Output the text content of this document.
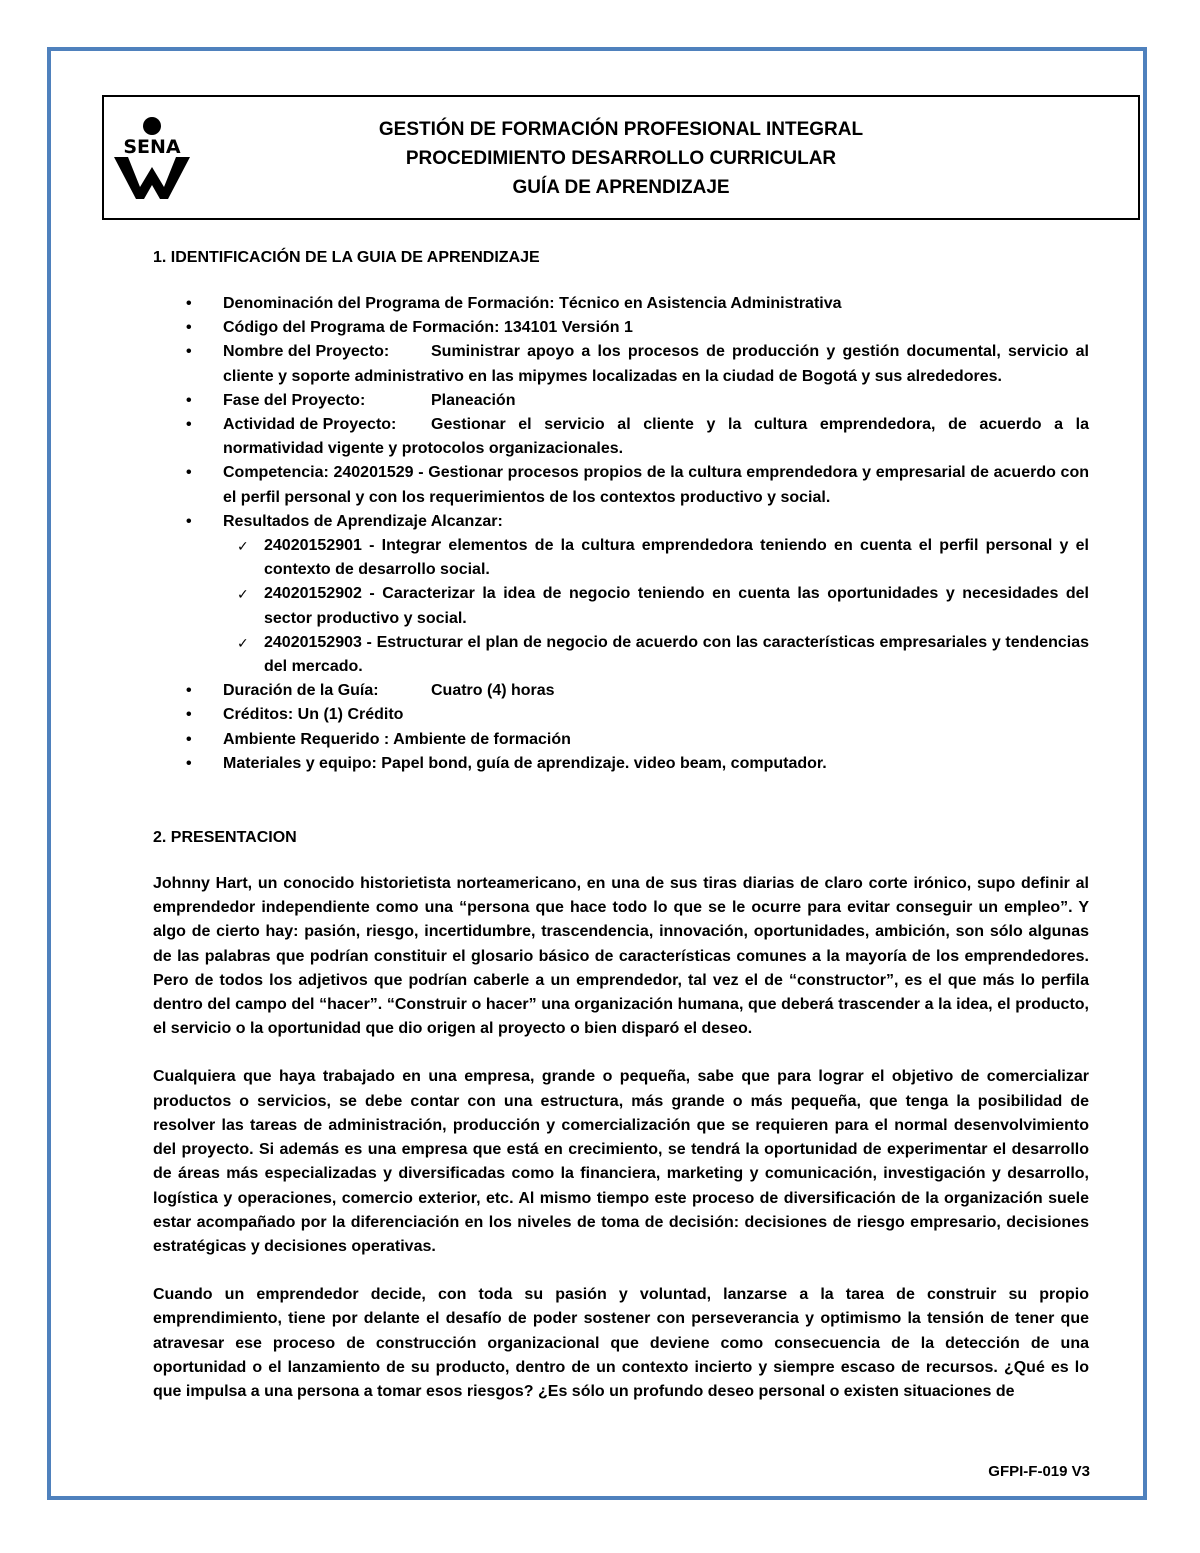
SENA
GESTIÓN DE FORMACIÓN PROFESIONAL INTEGRAL
PROCEDIMIENTO DESARROLLO CURRICULAR
GUÍA DE APRENDIZAJE
1. IDENTIFICACIÓN DE LA GUIA DE APRENDIZAJE
• Denominación del Programa de Formación: Técnico en Asistencia Administrativa
• Código del Programa de Formación: 134101 Versión 1
• Nombre del Proyecto:	Suministrar apoyo a los procesos de producción y gestión documental, servicio al cliente y soporte administrativo en las mipymes localizadas en la ciudad de Bogotá y sus alrededores.
• Fase del Proyecto:	Planeación
• Actividad de Proyecto: Gestionar el servicio al cliente y la cultura emprendedora, de acuerdo a la normatividad vigente y protocolos organizacionales.
• Competencia: 240201529 - Gestionar procesos propios de la cultura emprendedora y empresarial de acuerdo con el perfil personal y con los requerimientos de los contextos productivo y social.
• Resultados de Aprendizaje Alcanzar:
✓ 24020152901 - Integrar elementos de la cultura emprendedora teniendo en cuenta el perfil personal y el contexto de desarrollo social.
✓ 24020152902 - Caracterizar la idea de negocio teniendo en cuenta las oportunidades y necesidades del sector productivo y social.
✓ 24020152903 - Estructurar el plan de negocio de acuerdo con las características empresariales y tendencias del mercado.
• Duración de la Guía:	Cuatro (4) horas
• Créditos: Un (1) Crédito
• Ambiente Requerido : Ambiente de formación
• Materiales y equipo: Papel bond, guía de aprendizaje. video beam, computador.
2. PRESENTACION

Johnny Hart, un conocido historietista norteamericano, en una de sus tiras diarias de claro corte irónico, supo definir al emprendedor independiente como una “persona que hace todo lo que se le ocurre para evitar conseguir un empleo”. Y algo de cierto hay: pasión, riesgo, incertidumbre, trascendencia, innovación, oportunidades, ambición, son sólo algunas de las palabras que podrían constituir el glosario básico de características comunes a la mayoría de los emprendedores. Pero de todos los adjetivos que podrían caberle a un emprendedor, tal vez el de “constructor”, es el que más lo perfila dentro del campo del “hacer”. “Construir o hacer” una organización humana, que deberá trascender a la idea, el producto, el servicio o la oportunidad que dio origen al proyecto o bien disparó el deseo.

Cualquiera que haya trabajado en una empresa, grande o pequeña, sabe que para lograr el objetivo de comercializar productos o servicios, se debe contar con una estructura, más grande o más pequeña, que tenga la posibilidad de resolver las tareas de administración, producción y comercialización que se requieren para el normal desenvolvimiento del proyecto. Si además es una empresa que está en crecimiento, se tendrá la oportunidad de experimentar el desarrollo de áreas más especializadas y diversificadas como la financiera, marketing y comunicación, investigación y desarrollo, logística y operaciones, comercio exterior, etc. Al mismo tiempo este proceso de diversificación de la organización suele estar acompañado por la diferenciación en los niveles de toma de decisión: decisiones de riesgo empresario, decisiones estratégicas y decisiones operativas.

Cuando un emprendedor decide, con toda su pasión y voluntad, lanzarse a la tarea de construir su propio emprendimiento, tiene por delante el desafío de poder sostener con perseverancia y optimismo la tensión de tener que atravesar ese proceso de construcción organizacional que deviene como consecuencia de la detección de una oportunidad o el lanzamiento de su producto, dentro de un contexto incierto y siempre escaso de recursos. ¿Qué es lo que impulsa a una persona a tomar esos riesgos? ¿Es sólo un profundo deseo personal o existen situaciones de

GFPI-F-019 V3
